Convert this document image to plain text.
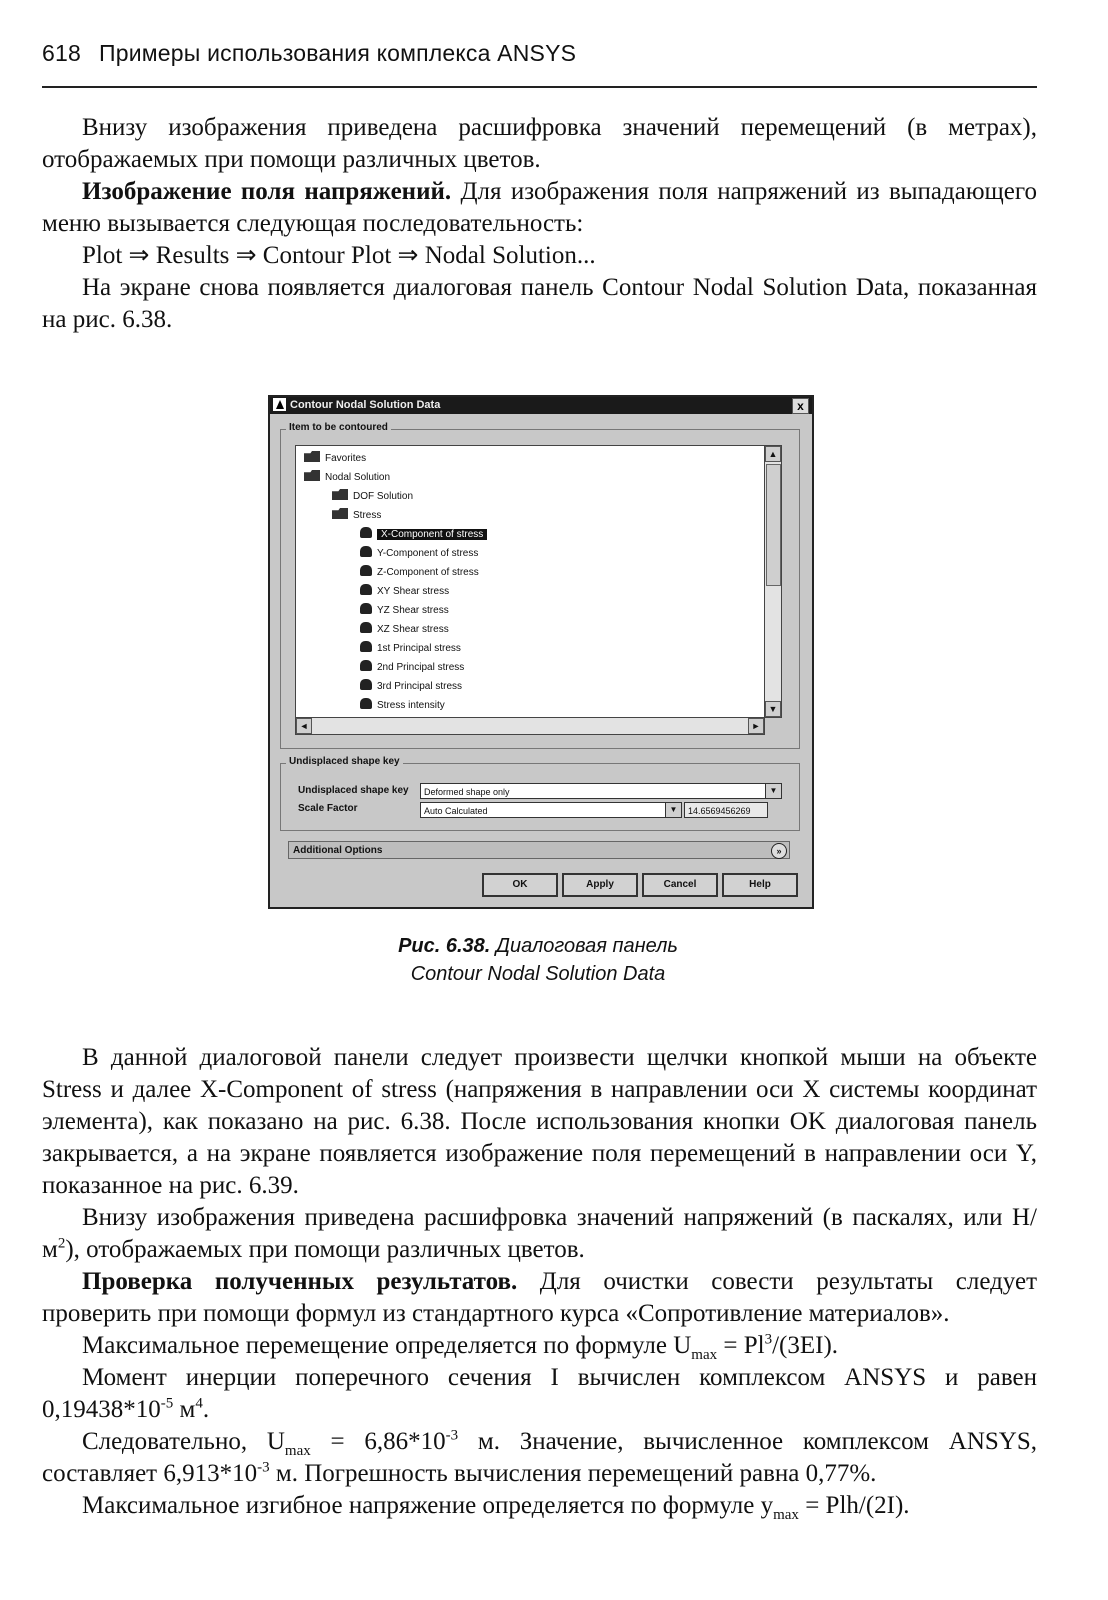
618 Примеры использования комплекса ANSYS

Внизу изображения приведена расшифровка значений перемещений (в метрах), отображаемых при помощи различных цветов.

Изображение поля напряжений. Для изображения поля напряжений из выпадающего меню вызывается следующая последовательность:

Plot ⇒ Results ⇒ Contour Plot ⇒ Nodal Solution...

На экране снова появляется диалоговая панель Contour Nodal Solution Data, показанная на рис. 6.38.

Contour Nodal Solution Data	x
Item to be contoured
Favorites
Nodal Solution
DOF Solution
Stress
X-Component of stress
Y-Component of stress
Z-Component of stress
XY Shear stress
YZ Shear stress
XZ Shear stress
1st Principal stress
2nd Principal stress
3rd Principal stress
Stress intensity
▲
▼
◄	►
Undisplaced shape key
Undisplaced shape key	Deformed shape only	▼
Scale Factor	Auto Calculated	▼	14.6569456269
Additional Options	»
OK	Apply	Cancel	Help
Рис. 6.38. Диалоговая панель
Contour Nodal Solution Data

В данной диалоговой панели следует произвести щелчки кнопкой мыши на объекте Stress и далее X-Component of stress (напряжения в направлении оси X системы координат элемента), как показано на рис. 6.38. После использования кнопки OK диалоговая панель закрывается, а на экране появляется изображение поля перемещений в направлении оси Y, показанное на рис. 6.39.

Внизу изображения приведена расшифровка значений напряжений (в паскалях, или $Н/м^2$), отображаемых при помощи различных цветов.

Проверка полученных результатов. Для очистки совести результаты следует проверить при помощи формул из стандартного курса «Сопротивление материалов».

Максимальное перемещение определяется по формуле $U_{max} = Pl^3/(3EI)$.

Момент инерции поперечного сечения I вычислен комплексом ANSYS и равен $0,19438*10^{-5}$ $м^4$.

Следовательно, $U_{max} = 6,86*10^{-3}$ м. Значение, вычисленное комплексом ANSYS, составляет $6,913*10^{-3}$ м. Погрешность вычисления перемещений равна 0,77%.

Максимальное изгибное напряжение определяется по формуле $y_{max} = Plh/(2I)$.
